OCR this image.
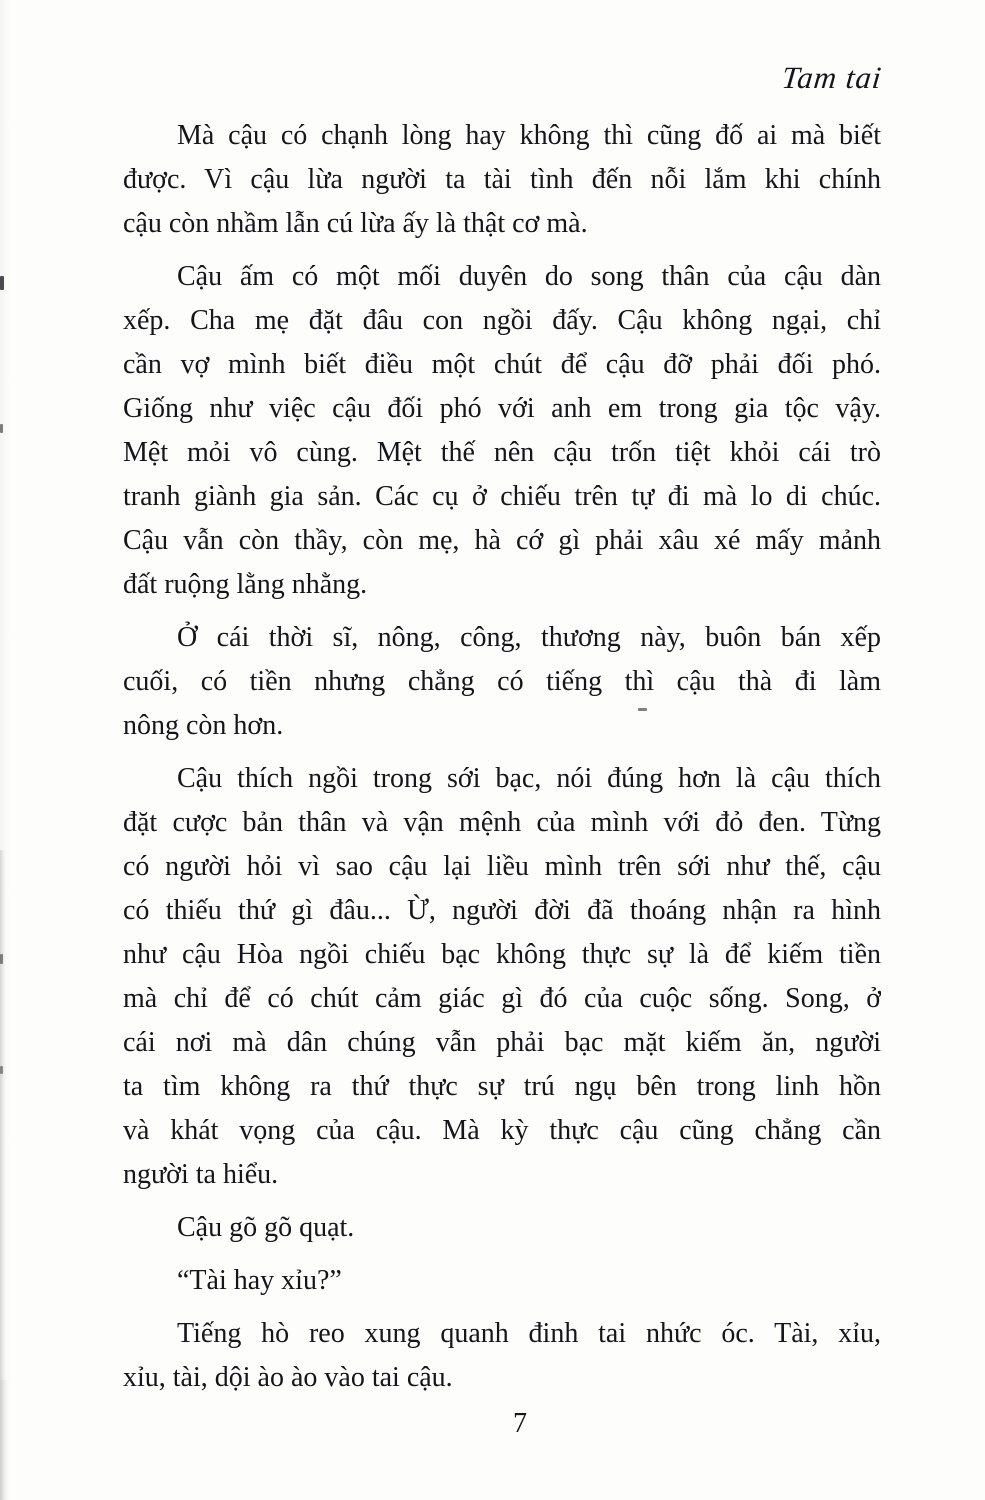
Tam tai
Mà cậu có chạnh lòng hay không thì cũng đố ai mà biết
được. Vì cậu lừa người ta tài tình đến nỗi lắm khi chính
cậu còn nhầm lẫn cú lừa ấy là thật cơ mà.
Cậu ấm có một mối duyên do song thân của cậu dàn
xếp. Cha mẹ đặt đâu con ngồi đấy. Cậu không ngại, chỉ
cần vợ mình biết điều một chút để cậu đỡ phải đối phó.
Giống như việc cậu đối phó với anh em trong gia tộc vậy.
Mệt mỏi vô cùng. Mệt thế nên cậu trốn tiệt khỏi cái trò
tranh giành gia sản. Các cụ ở chiếu trên tự đi mà lo di chúc.
Cậu vẫn còn thầy, còn mẹ, hà cớ gì phải xâu xé mấy mảnh
đất ruộng lằng nhằng.
Ở cái thời sĩ, nông, công, thương này, buôn bán xếp
cuối, có tiền nhưng chẳng có tiếng thì cậu thà đi làm
nông còn hơn.
Cậu thích ngồi trong sới bạc, nói đúng hơn là cậu thích
đặt cược bản thân và vận mệnh của mình với đỏ đen. Từng
có người hỏi vì sao cậu lại liều mình trên sới như thế, cậu
có thiếu thứ gì đâu... Ừ, người đời đã thoáng nhận ra hình
như cậu Hòa ngồi chiếu bạc không thực sự là để kiếm tiền
mà chỉ để có chút cảm giác gì đó của cuộc sống. Song, ở
cái nơi mà dân chúng vẫn phải bạc mặt kiếm ăn, người
ta tìm không ra thứ thực sự trú ngụ bên trong linh hồn
và khát vọng của cậu. Mà kỳ thực cậu cũng chẳng cần
người ta hiểu.
Cậu gõ gõ quạt.
“Tài hay xỉu?”
Tiếng hò reo xung quanh đinh tai nhức óc. Tài, xỉu,
xỉu, tài, dội ào ào vào tai cậu.
7
